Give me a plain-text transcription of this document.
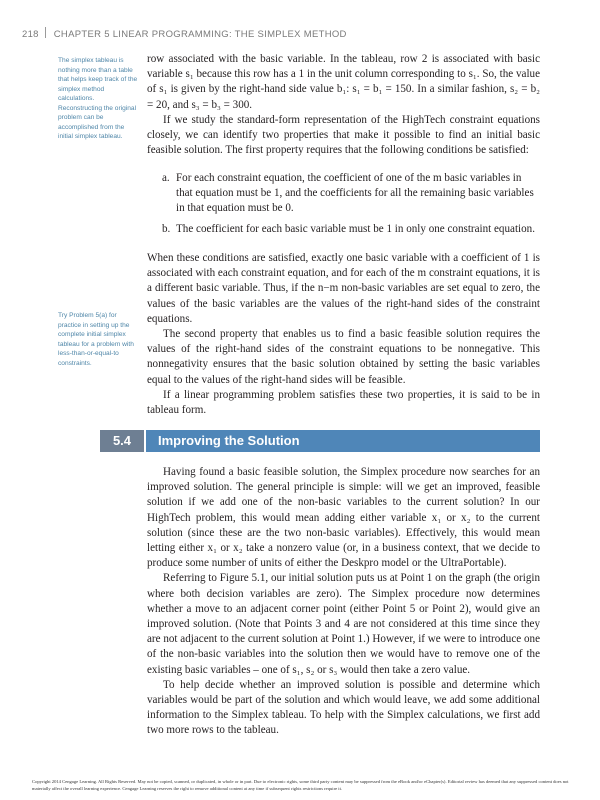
218 CHAPTER 5 LINEAR PROGRAMMING: THE SIMPLEX METHOD
The simplex tableau is nothing more than a table that helps keep track of the simplex method calculations. Reconstructing the original problem can be accomplished from the initial simplex tableau.
Try Problem 5(a) for practice in setting up the complete initial simplex tableau for a problem with less-than-or-equal-to constraints.

row associated with the basic variable. In the tableau, row 2 is associated with basic variable s₁ because this row has a 1 in the unit column corresponding to s₁. So, the value of s₁ is given by the right-hand side value b₁: s₁ = b₁ = 150. In a similar fashion, s₂ = b₂ = 20, and s₃ = b₃ = 300.

If we study the standard-form representation of the HighTech constraint equations closely, we can identify two properties that make it possible to find an initial basic feasible solution. The first property requires that the following conditions be satisfied:

a. For each constraint equation, the coefficient of one of the m basic variables in that equation must be 1, and the coefficients for all the remaining basic variables in that equation must be 0.
b. The coefficient for each basic variable must be 1 in only one constraint equation.

When these conditions are satisfied, exactly one basic variable with a coefficient of 1 is associated with each constraint equation, and for each of the m constraint equations, it is a different basic variable. Thus, if the n−m non-basic variables are set equal to zero, the values of the basic variables are the values of the right-hand sides of the constraint equations.

The second property that enables us to find a basic feasible solution requires the values of the right-hand sides of the constraint equations to be nonnegative. This nonnegativity ensures that the basic solution obtained by setting the basic variables equal to the values of the right-hand sides will be feasible.

If a linear programming problem satisfies these two properties, it is said to be in tableau form.

5.4	Improving the Solution

Having found a basic feasible solution, the Simplex procedure now searches for an improved solution. The general principle is simple: will we get an improved, feasible solution if we add one of the non-basic variables to the current solution? In our HighTech problem, this would mean adding either variable x₁ or x₂ to the current solution (since these are the two non-basic variables). Effectively, this would mean letting either x₁ or x₂ take a nonzero value (or, in a business context, that we decide to produce some number of units of either the Deskpro model or the UltraPortable).

Referring to Figure 5.1, our initial solution puts us at Point 1 on the graph (the origin where both decision variables are zero). The Simplex procedure now determines whether a move to an adjacent corner point (either Point 5 or Point 2), would give an improved solution. (Note that Points 3 and 4 are not considered at this time since they are not adjacent to the current solution at Point 1.) However, if we were to introduce one of the non-basic variables into the solution then we would have to remove one of the existing basic variables – one of s₁, s₂ or s₃ would then take a zero value.

To help decide whether an improved solution is possible and determine which variables would be part of the solution and which would leave, we add some additional information to the Simplex tableau. To help with the Simplex calculations, we first add two more rows to the tableau.

Copyright 2014 Cengage Learning. All Rights Reserved. May not be copied, scanned, or duplicated, in whole or in part. Due to electronic rights, some third party content may be suppressed from the eBook and/or eChapter(s). Editorial review has deemed that any suppressed content does not materially affect the overall learning experience. Cengage Learning reserves the right to remove additional content at any time if subsequent rights restrictions require it.
